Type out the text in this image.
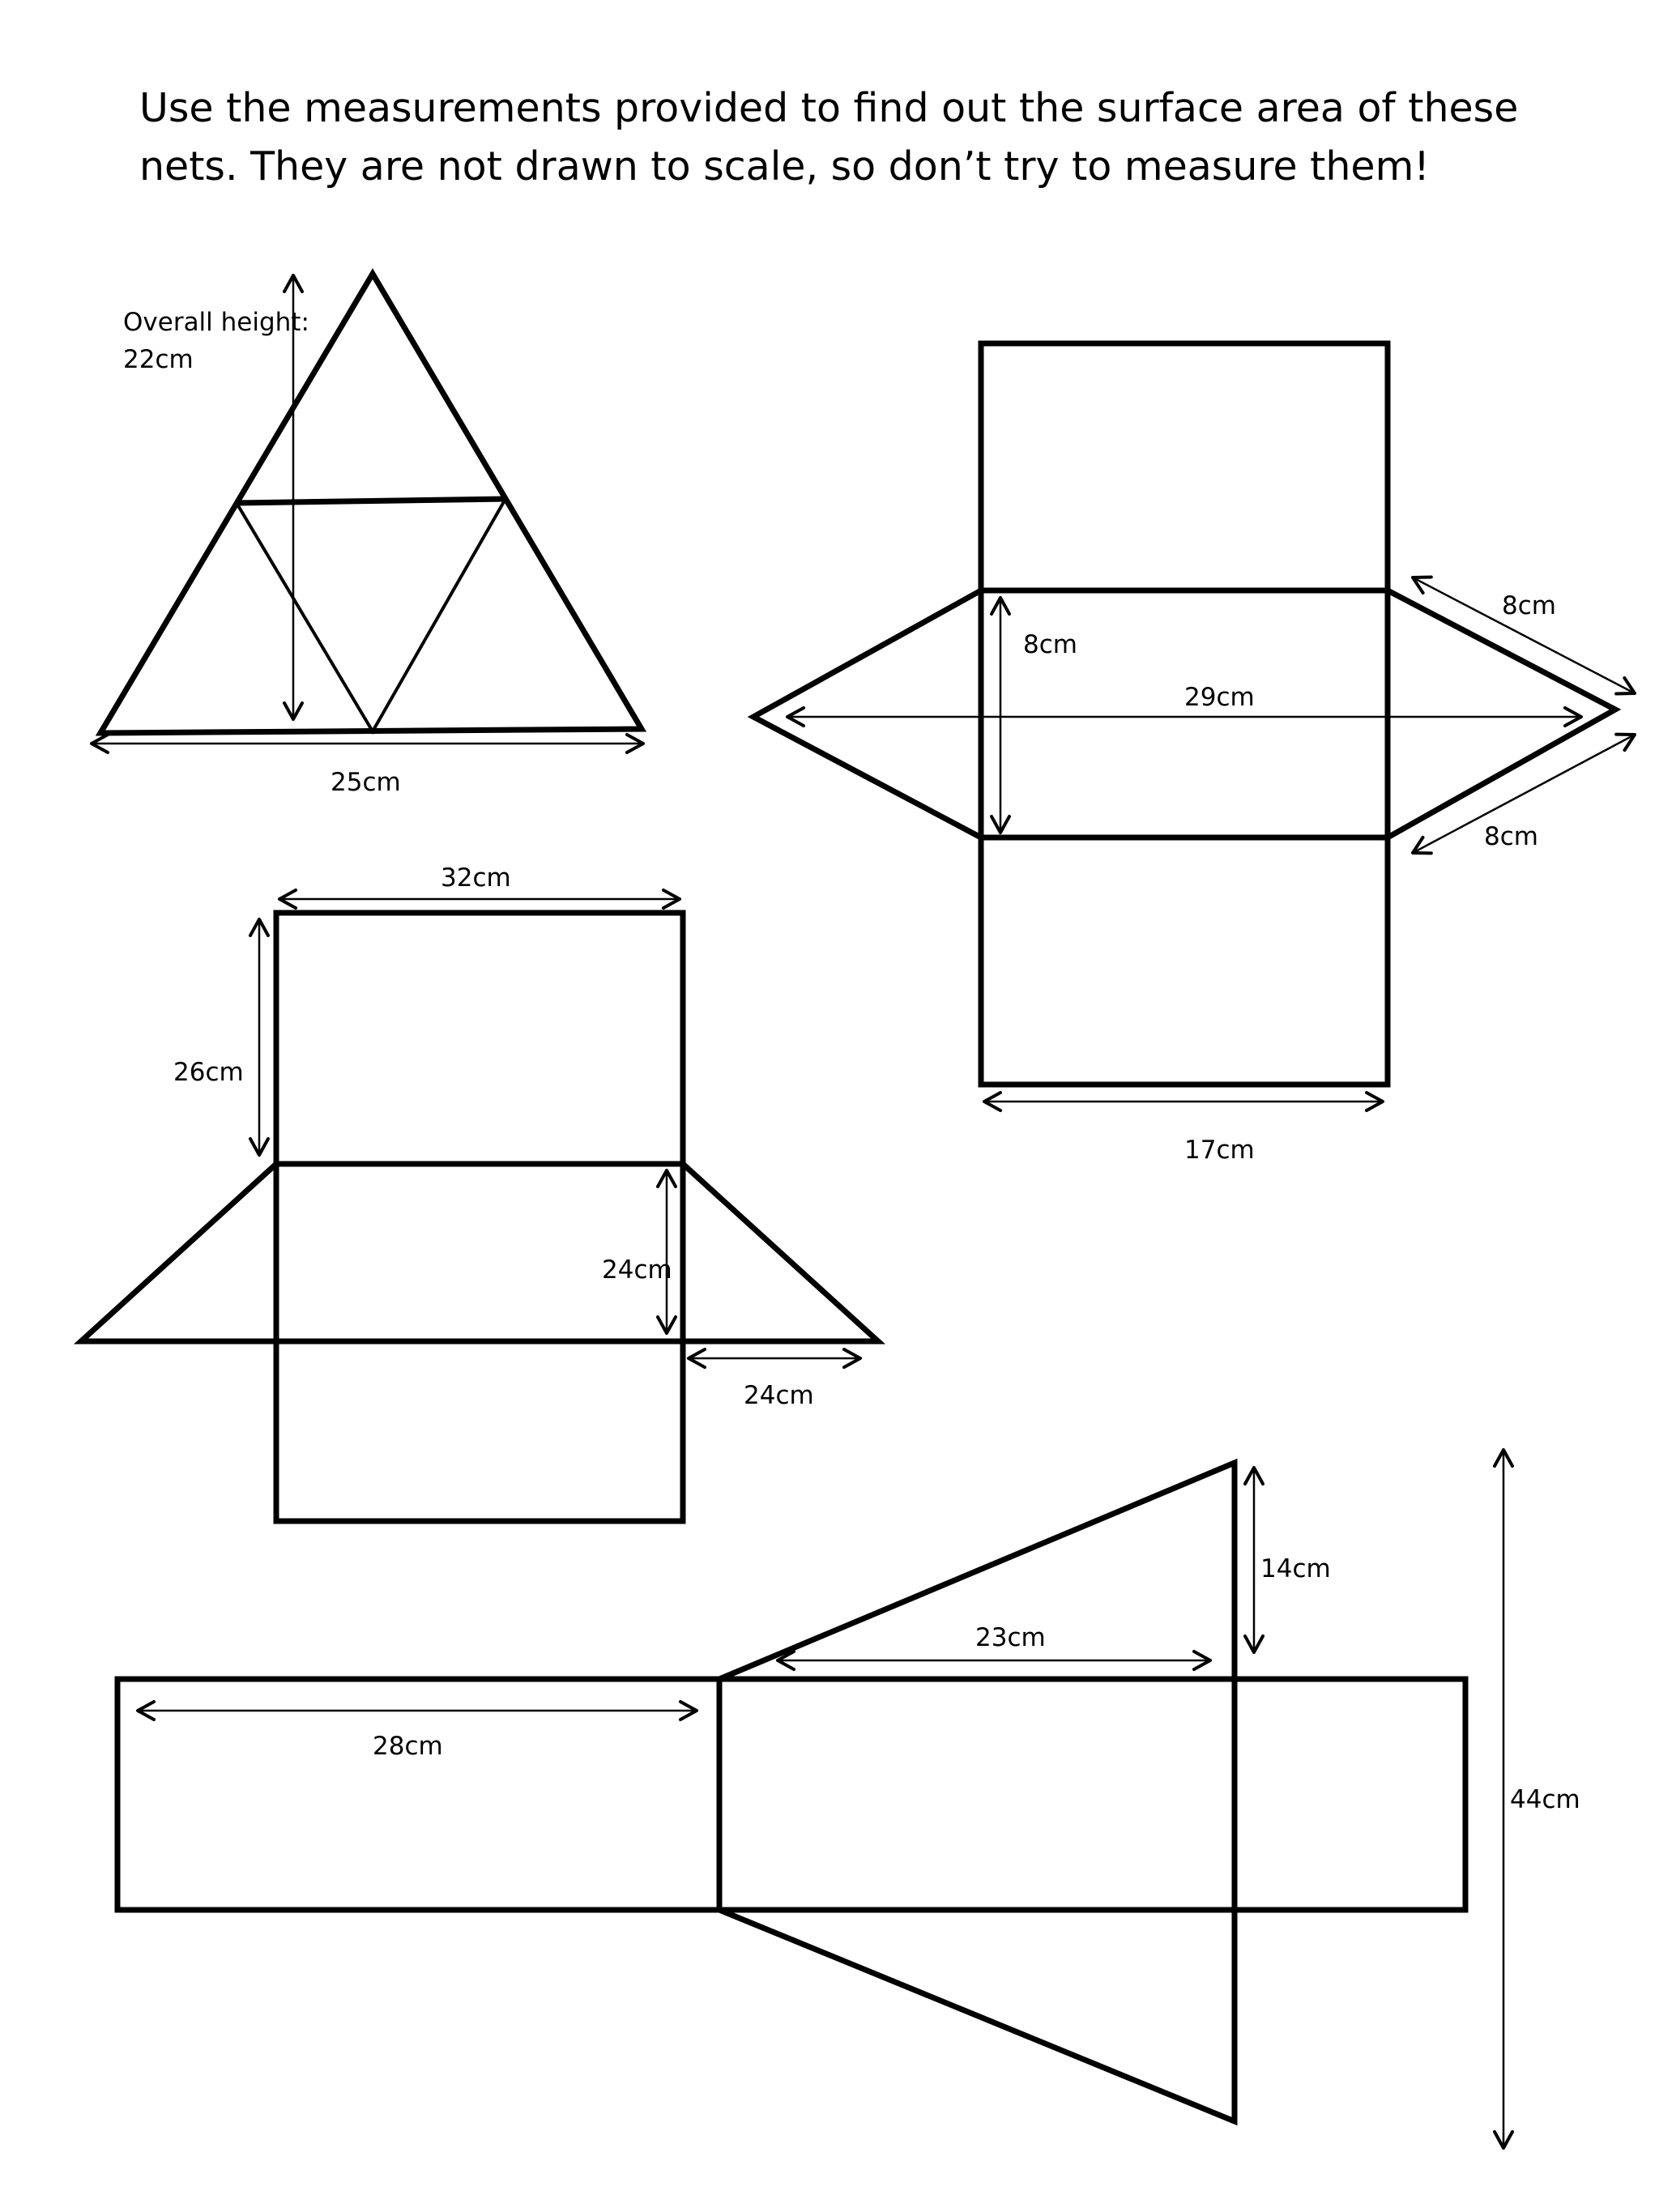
Use the measurements provided to find out the surface area of these
nets. They are not drawn to scale, so don’t try to measure them!
Overall height:
22cm
25cm
8cm
29cm
8cm
8cm
17cm
32cm
26cm
24cm
24cm
28cm
23cm
14cm
44cm
